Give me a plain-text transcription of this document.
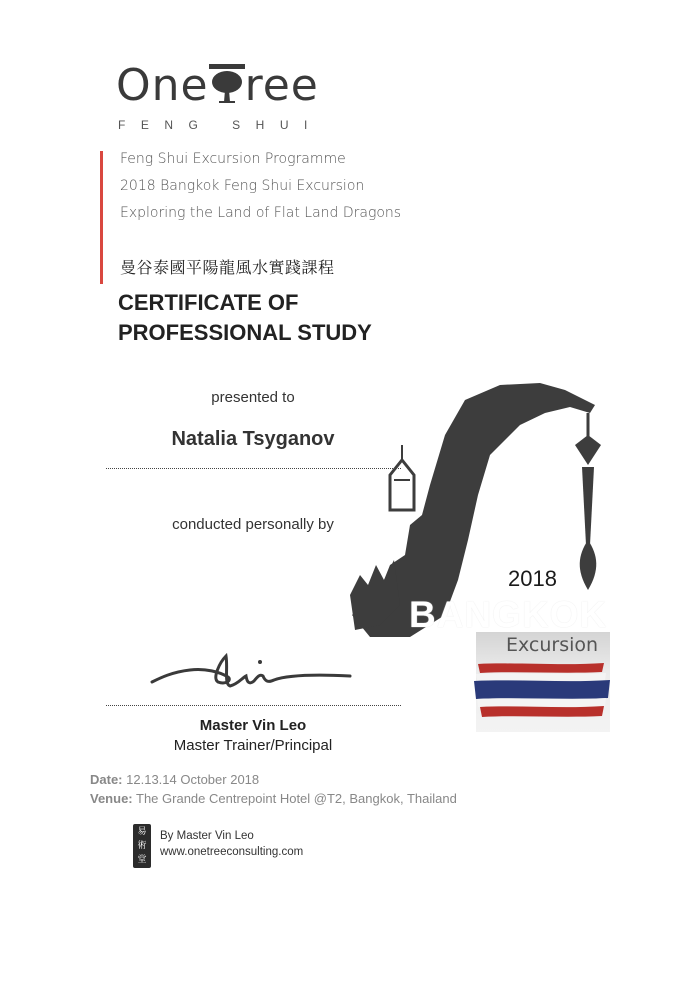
One ree
FENG SHUI
Feng Shui Excursion Programme
2018 Bangkok Feng Shui Excursion
Exploring the Land of Flat Land Dragons
曼谷泰國平陽龍風水實踐課程
CERTIFICATE OF
PROFESSIONAL STUDY
2018
BANGKOK
Excursion
presented to
Natalia Tsyganov
conducted personally by
Master Vin Leo
Master Trainer/Principal
Date: 12.13.14 October 2018
Venue: The Grande Centrepoint Hotel @T2, Bangkok, Thailand
易術堂
By Master Vin Leo
www.onetreeconsulting.com
